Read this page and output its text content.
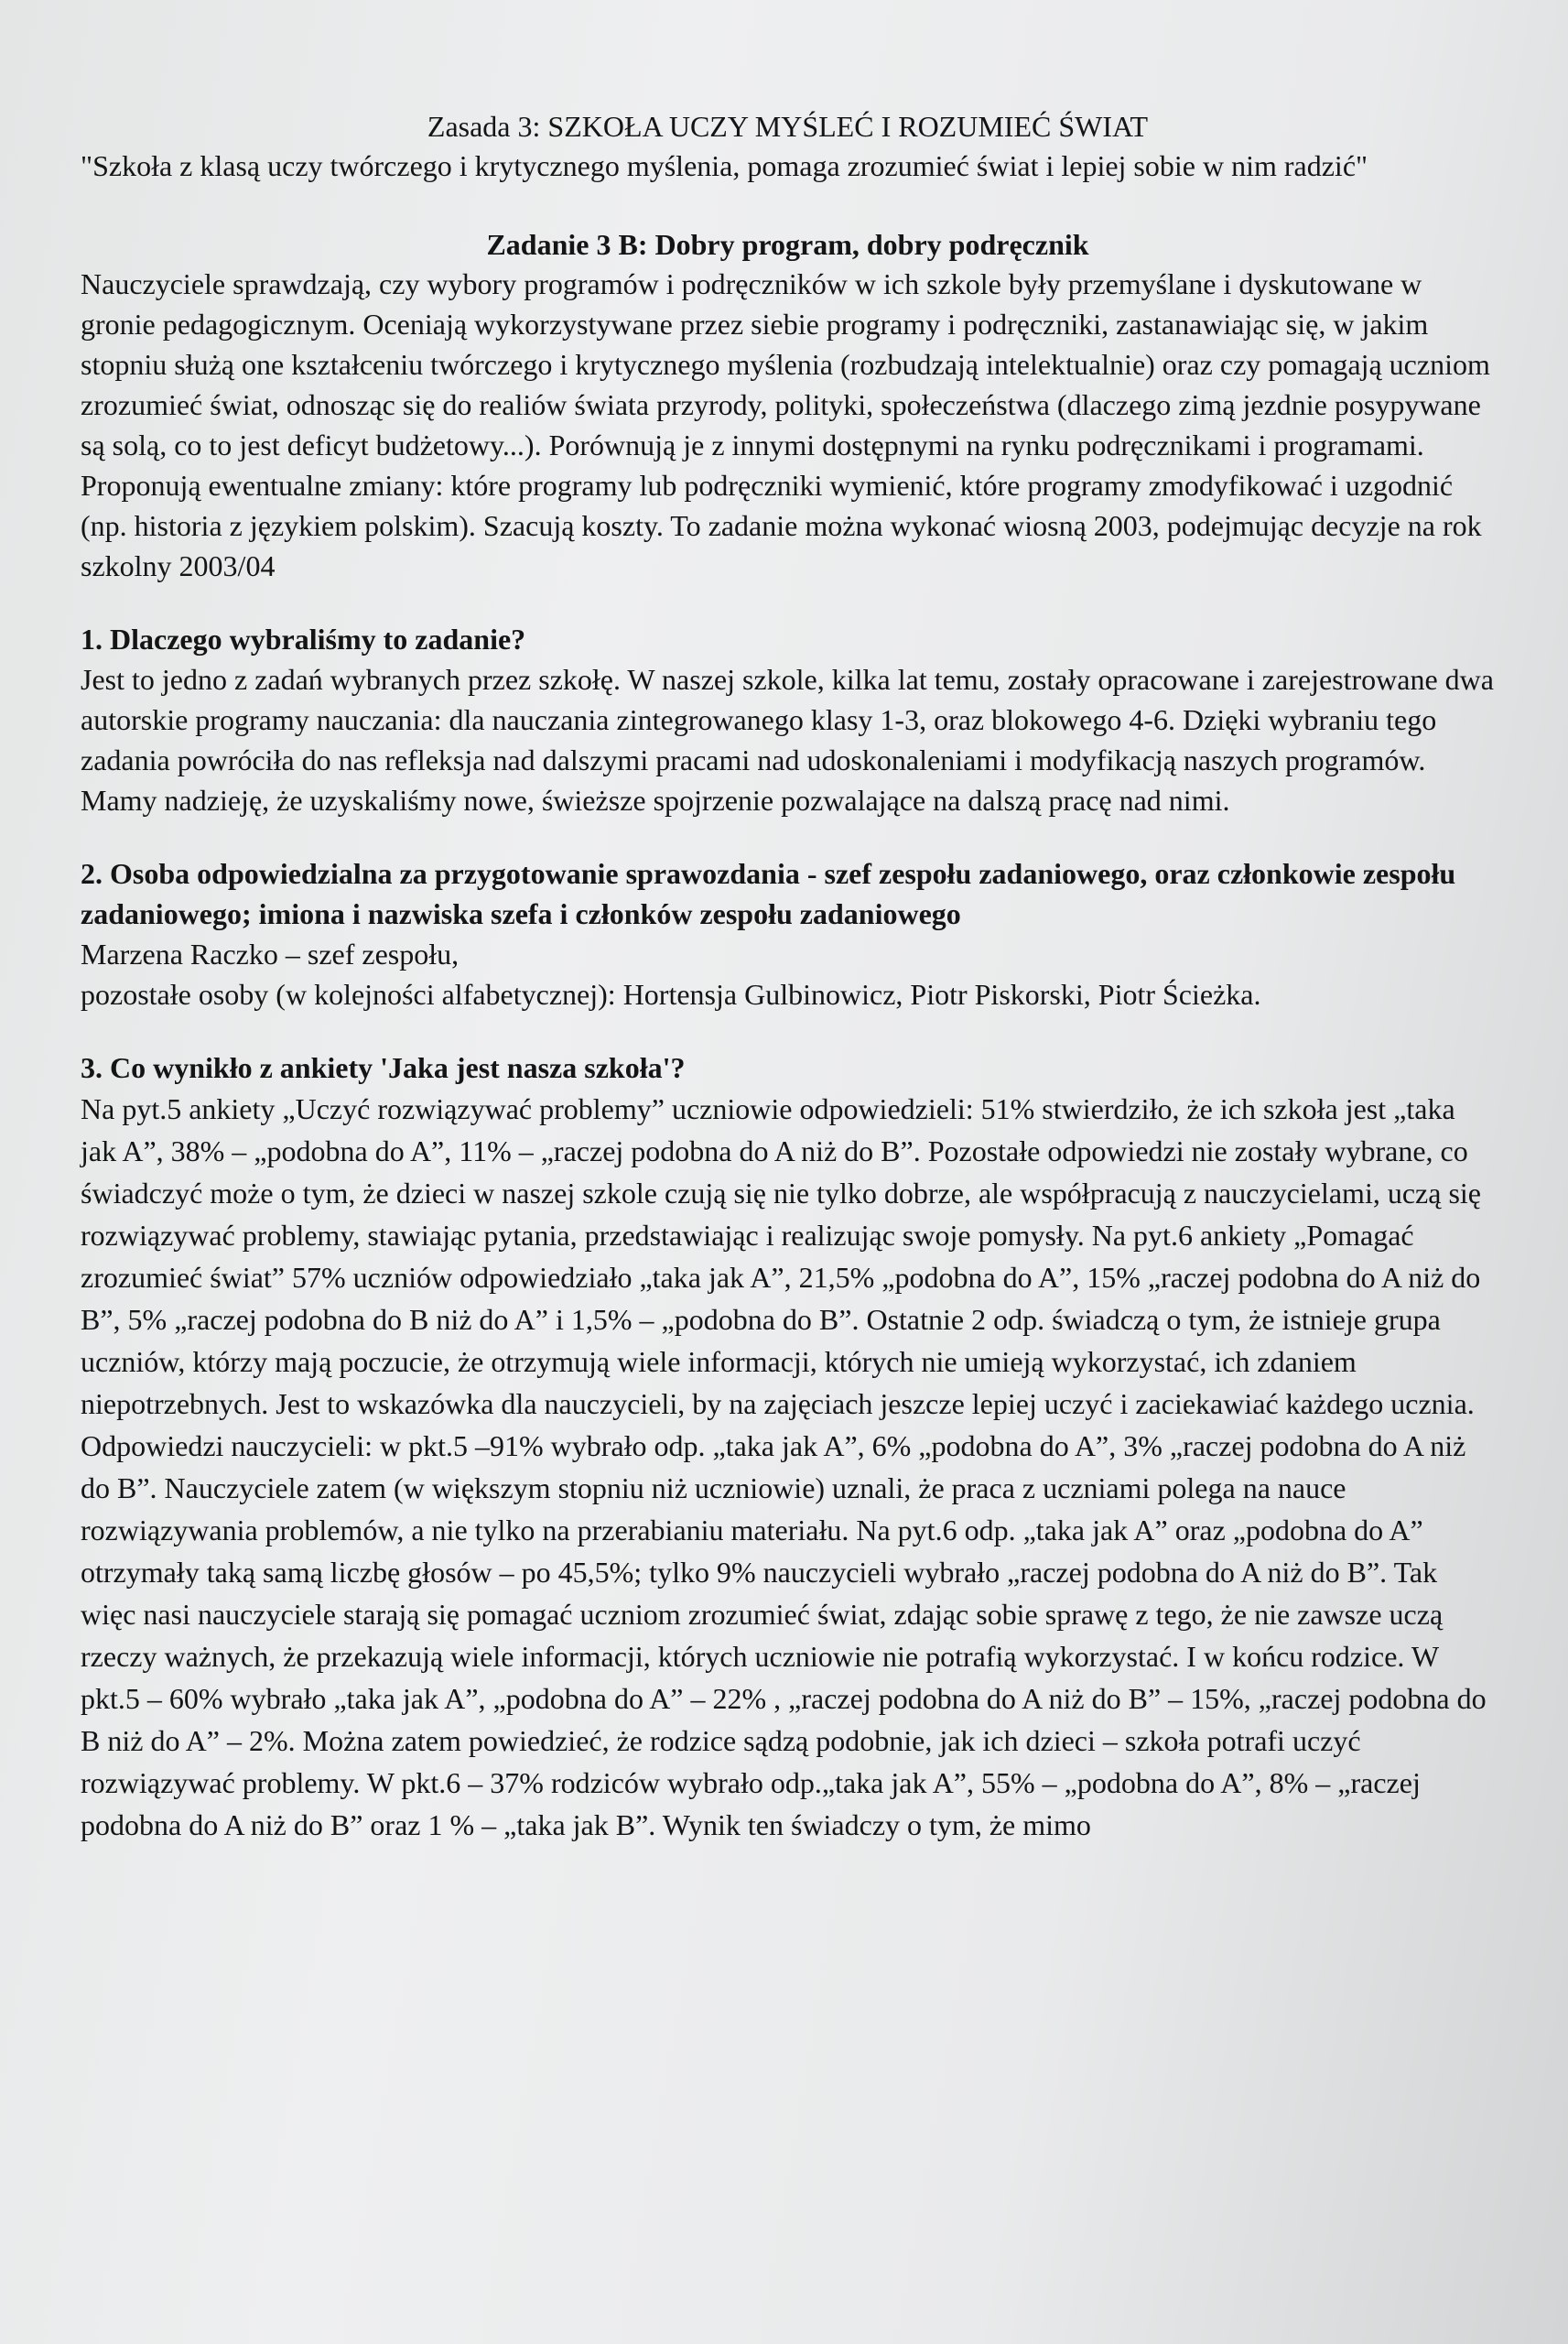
Zasada 3: SZKOŁA UCZY MYŚLEĆ I ROZUMIEĆ ŚWIAT

"Szkoła z klasą uczy twórczego i krytycznego myślenia, pomaga zrozumieć świat i lepiej sobie w nim radzić"

Zadanie 3 B: Dobry program, dobry podręcznik

Nauczyciele sprawdzają, czy wybory programów i podręczników w ich szkole były przemyślane i dyskutowane w gronie pedagogicznym. Oceniają wykorzystywane przez siebie programy i podręczniki, zastanawiając się, w jakim stopniu służą one kształceniu twórczego i krytycznego myślenia (rozbudzają intelektualnie) oraz czy pomagają uczniom zrozumieć świat, odnosząc się do realiów świata przyrody, polityki, społeczeństwa (dlaczego zimą jezdnie posypywane są solą, co to jest deficyt budżetowy...). Porównują je z innymi dostępnymi na rynku podręcznikami i programami. Proponują ewentualne zmiany: które programy lub podręczniki wymienić, które programy zmodyfikować i uzgodnić (np. historia z językiem polskim). Szacują koszty. To zadanie można wykonać wiosną 2003, podejmując decyzje na rok szkolny 2003/04

1. Dlaczego wybraliśmy to zadanie?

Jest to jedno z zadań wybranych przez szkołę. W naszej szkole, kilka lat temu, zostały opracowane i zarejestrowane dwa autorskie programy nauczania: dla nauczania zintegrowanego klasy 1-3, oraz blokowego 4-6. Dzięki wybraniu tego zadania powróciła do nas refleksja nad dalszymi pracami nad udoskonaleniami i modyfikacją naszych programów. Mamy nadzieję, że uzyskaliśmy nowe, świeższe spojrzenie pozwalające na dalszą pracę nad nimi.

2. Osoba odpowiedzialna za przygotowanie sprawozdania - szef zespołu zadaniowego, oraz członkowie zespołu zadaniowego; imiona i nazwiska szefa i członków zespołu zadaniowego

Marzena Raczko – szef zespołu,

pozostałe osoby (w kolejności alfabetycznej): Hortensja Gulbinowicz, Piotr Piskorski, Piotr Ścieżka.

3. Co wynikło z ankiety 'Jaka jest nasza szkoła'?

Na pyt.5 ankiety „Uczyć rozwiązywać problemy” uczniowie odpowiedzieli: 51% stwierdziło, że ich szkoła jest „taka jak A”, 38% – „podobna do A”, 11% – „raczej podobna do A niż do B”. Pozostałe odpowiedzi nie zostały wybrane, co świadczyć może o tym, że dzieci w naszej szkole czują się nie tylko dobrze, ale współpracują z nauczycielami, uczą się rozwiązywać problemy, stawiając pytania, przedstawiając i realizując swoje pomysły. Na pyt.6 ankiety „Pomagać zrozumieć świat” 57% uczniów odpowiedziało „taka jak A”, 21,5% „podobna do A”, 15% „raczej podobna do A niż do B”, 5% „raczej podobna do B niż do A” i 1,5% – „podobna do B”. Ostatnie 2 odp. świadczą o tym, że istnieje grupa uczniów, którzy mają poczucie, że otrzymują wiele informacji, których nie umieją wykorzystać, ich zdaniem niepotrzebnych. Jest to wskazówka dla nauczycieli, by na zajęciach jeszcze lepiej uczyć i zaciekawiać każdego ucznia. Odpowiedzi nauczycieli: w pkt.5 –91% wybrało odp. „taka jak A”, 6% „podobna do A”, 3% „raczej podobna do A niż do B”. Nauczyciele zatem (w większym stopniu niż uczniowie) uznali, że praca z uczniami polega na nauce rozwiązywania problemów, a nie tylko na przerabianiu materiału. Na pyt.6 odp. „taka jak A” oraz „podobna do A” otrzymały taką samą liczbę głosów – po 45,5%; tylko 9% nauczycieli wybrało „raczej podobna do A niż do B”. Tak więc nasi nauczyciele starają się pomagać uczniom zrozumieć świat, zdając sobie sprawę z tego, że nie zawsze uczą rzeczy ważnych, że przekazują wiele informacji, których uczniowie nie potrafią wykorzystać. I w końcu rodzice. W pkt.5 – 60% wybrało „taka jak A”, „podobna do A” – 22% , „raczej podobna do A niż do B” – 15%, „raczej podobna do B niż do A” – 2%. Można zatem powiedzieć, że rodzice sądzą podobnie, jak ich dzieci – szkoła potrafi uczyć rozwiązywać problemy. W pkt.6 – 37% rodziców wybrało odp.„taka jak A”, 55% – „podobna do A”, 8% – „raczej podobna do A niż do B” oraz 1 % – „taka jak B”. Wynik ten świadczy o tym, że mimo
